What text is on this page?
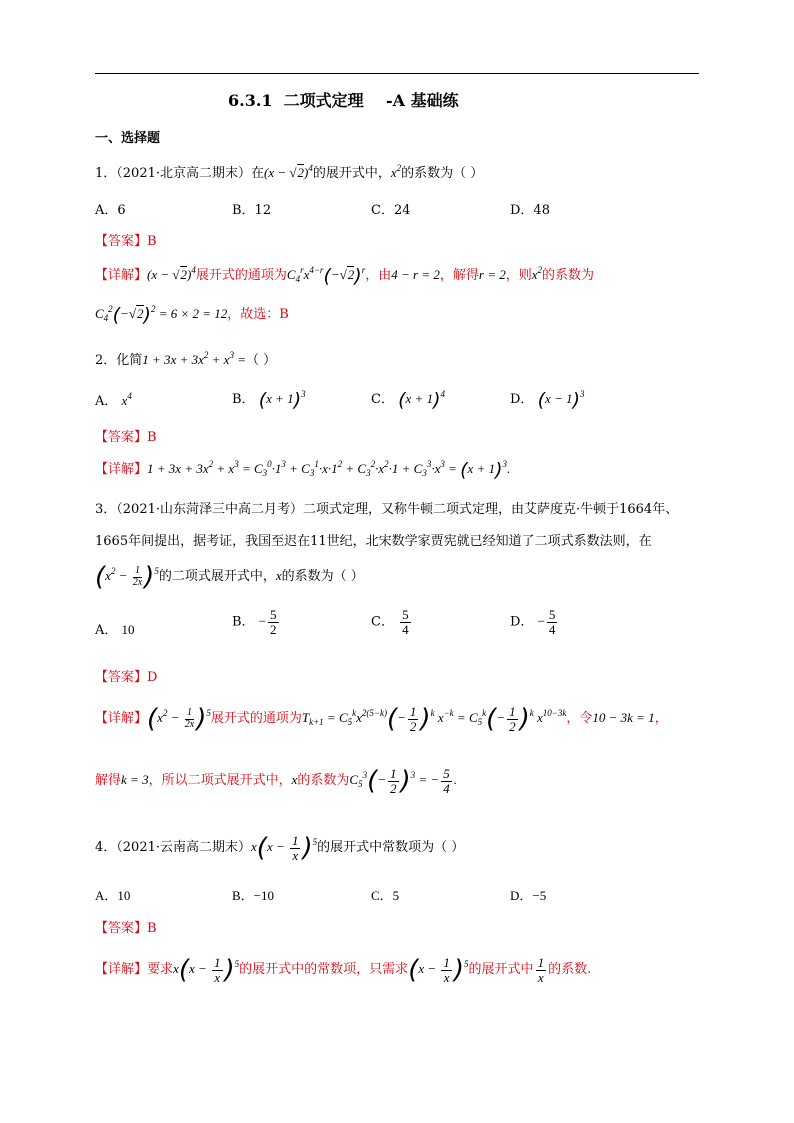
6.3.1  二项式定理    -A 基础练
一、选择题
1．（2021·北京高二期末）在$(x - √2)^4$的展开式中，$x^2$的系数为（ ）
A．6	B．12	C．24	D．48
【答案】B
【详解】$(x - √2)^4$展开式的通项为$C_4^rx^{4-r}(-√2)^r$，由4 − r = 2，解得r = 2，则$x^2$的系数为
$C_4^2(-√2)^2 = 6 \times 2 = 12$，故选：B
2．化简$1 + 3x + 3x^2 + x^3$ =（ ）
A． $x^4$	B． $(x + 1)^3$	C． $(x + 1)^4$	D． $(x - 1)^3$
【答案】B
【详解】$1 + 3x + 3x^2 + x^3 = C_3^0\cdot 1^3 + C_3^1\cdot x\cdot 1^2 + C_3^2\cdot x^2\cdot 1 + C_3^3\cdot x^3 = (x + 1)^3$.
3．（2021·山东菏泽三中高二月考）二项式定理，又称牛顿二项式定理，由艾萨度克·牛顿于1664年、
1665年间提出，据考证，我国至迟在11世纪，北宋数学家贾宪就已经知道了二项式系数法则，在
$(x^2 - \frac{1}{2x} )^5$的二项式展开式中，x的系数为（ ）
A． 10	B． − $\frac{5}{2}$	C． $\frac{5}{4}$	D． − $\frac{5}{4}$
【答案】D
【详解】$(x^2 - \frac{1}{2x} )^5$展开式的通项为$T_{k+1} = C_5^kx^{2(5-k)}(- \frac{1}{2} )^k$ $x^{-k} = C_5^k(- \frac{1}{2} )^k$ $x^{10-3k}$，令10 − 3k = 1，
解得k = 3，所以二项式展开式中，x的系数为$C_5^3(- \frac{1}{2} )^3$ = − $\frac{5}{4}$ .
4．（2021·云南高二期末）$x(x - \frac{1}{x} )^5$的展开式中常数项为（ ）
A．10	B．−10	C．5	D．−5
【答案】B
【详解】要求$x(x - \frac{1}{x} )^5$的展开式中的常数项，只需求$(x - \frac{1}{x} )^5$的展开式中 $\frac{1}{x}$ 的系数.
